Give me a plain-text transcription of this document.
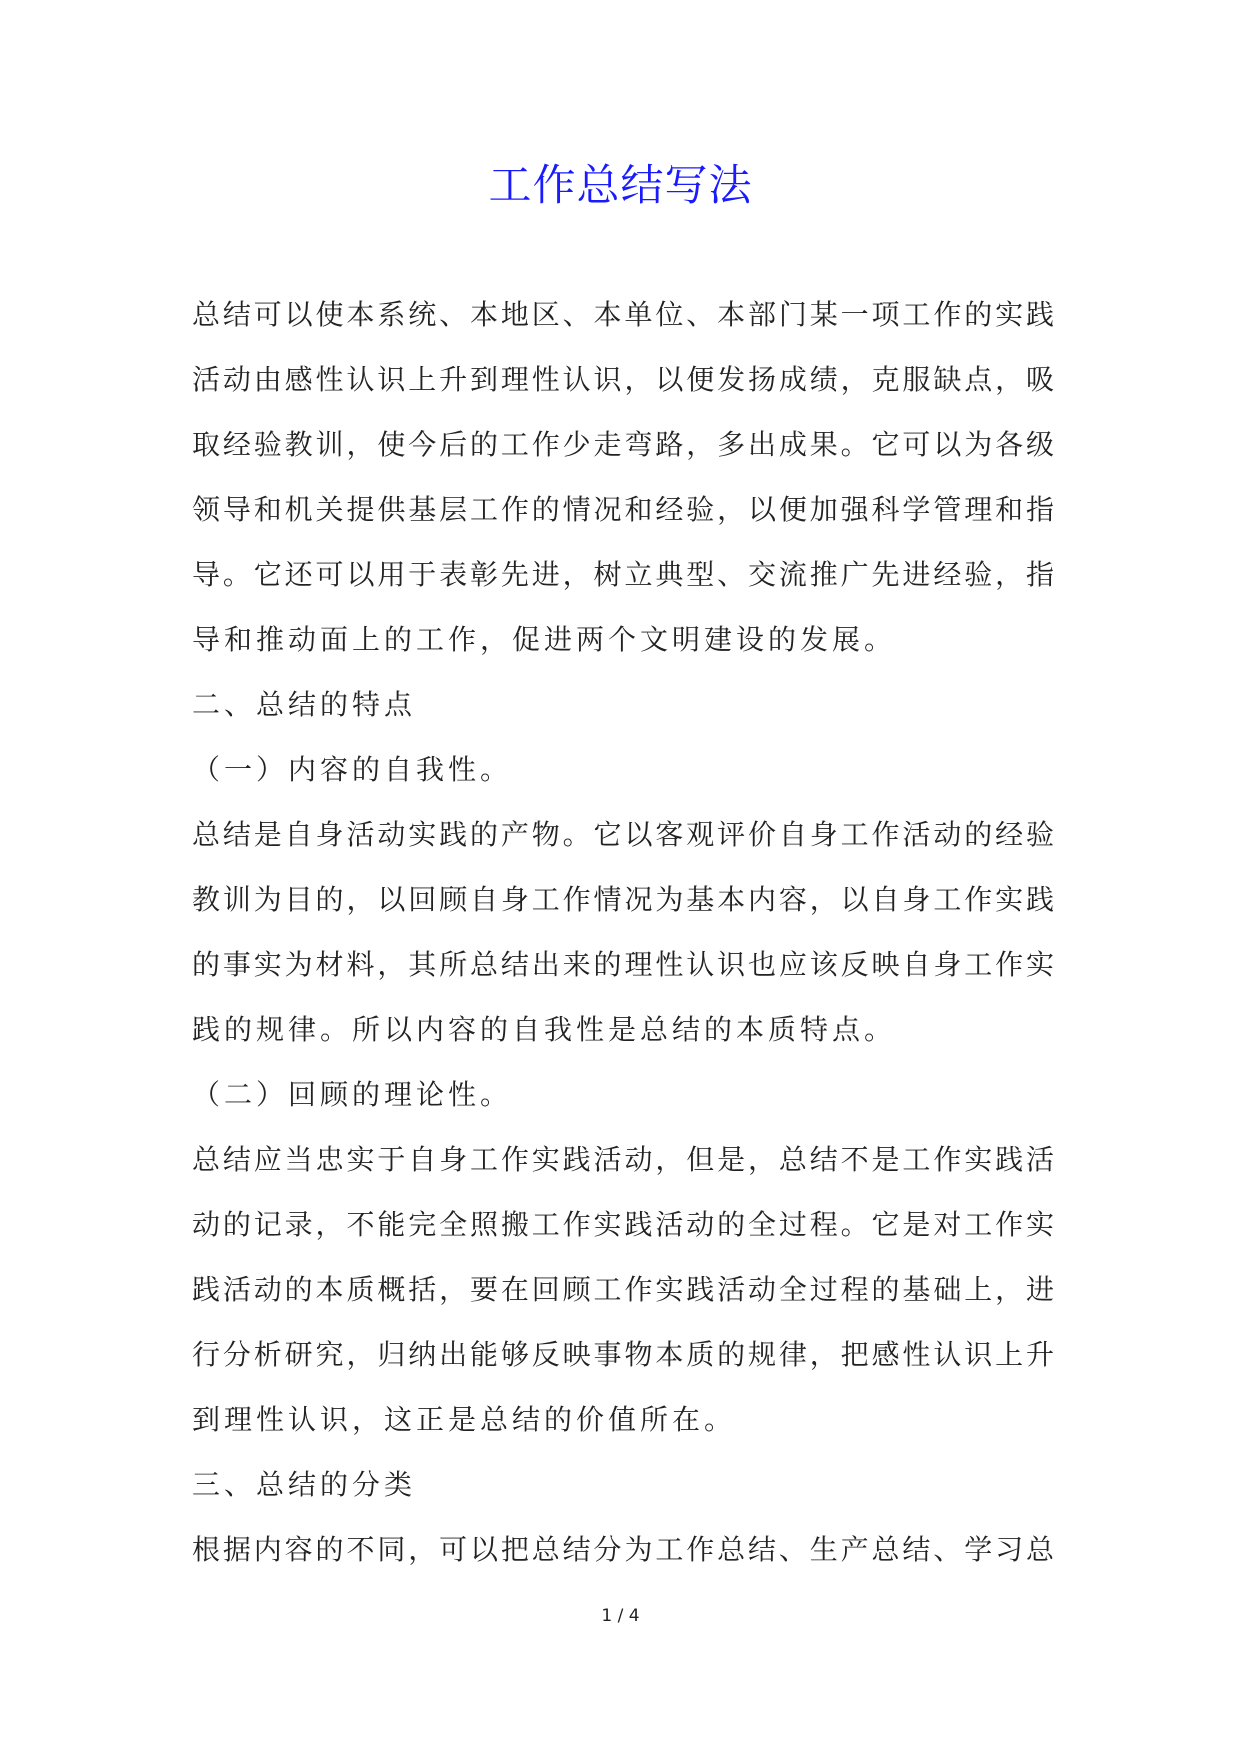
工作总结写法
总结可以使本系统、本地区、本单位、本部门某一项工作的实践
活动由感性认识上升到理性认识，以便发扬成绩，克服缺点，吸
取经验教训，使今后的工作少走弯路，多出成果。它可以为各级
领导和机关提供基层工作的情况和经验，以便加强科学管理和指
导。它还可以用于表彰先进，树立典型、交流推广先进经验，指
导和推动面上的工作，促进两个文明建设的发展。
二、总结的特点
（一）内容的自我性。
总结是自身活动实践的产物。它以客观评价自身工作活动的经验
教训为目的，以回顾自身工作情况为基本内容，以自身工作实践
的事实为材料，其所总结出来的理性认识也应该反映自身工作实
践的规律。所以内容的自我性是总结的本质特点。
（二）回顾的理论性。
总结应当忠实于自身工作实践活动，但是，总结不是工作实践活
动的记录，不能完全照搬工作实践活动的全过程。它是对工作实
践活动的本质概括，要在回顾工作实践活动全过程的基础上，进
行分析研究，归纳出能够反映事物本质的规律，把感性认识上升
到理性认识，这正是总结的价值所在。
三、总结的分类
根据内容的不同，可以把总结分为工作总结、生产总结、学习总
1 / 4
